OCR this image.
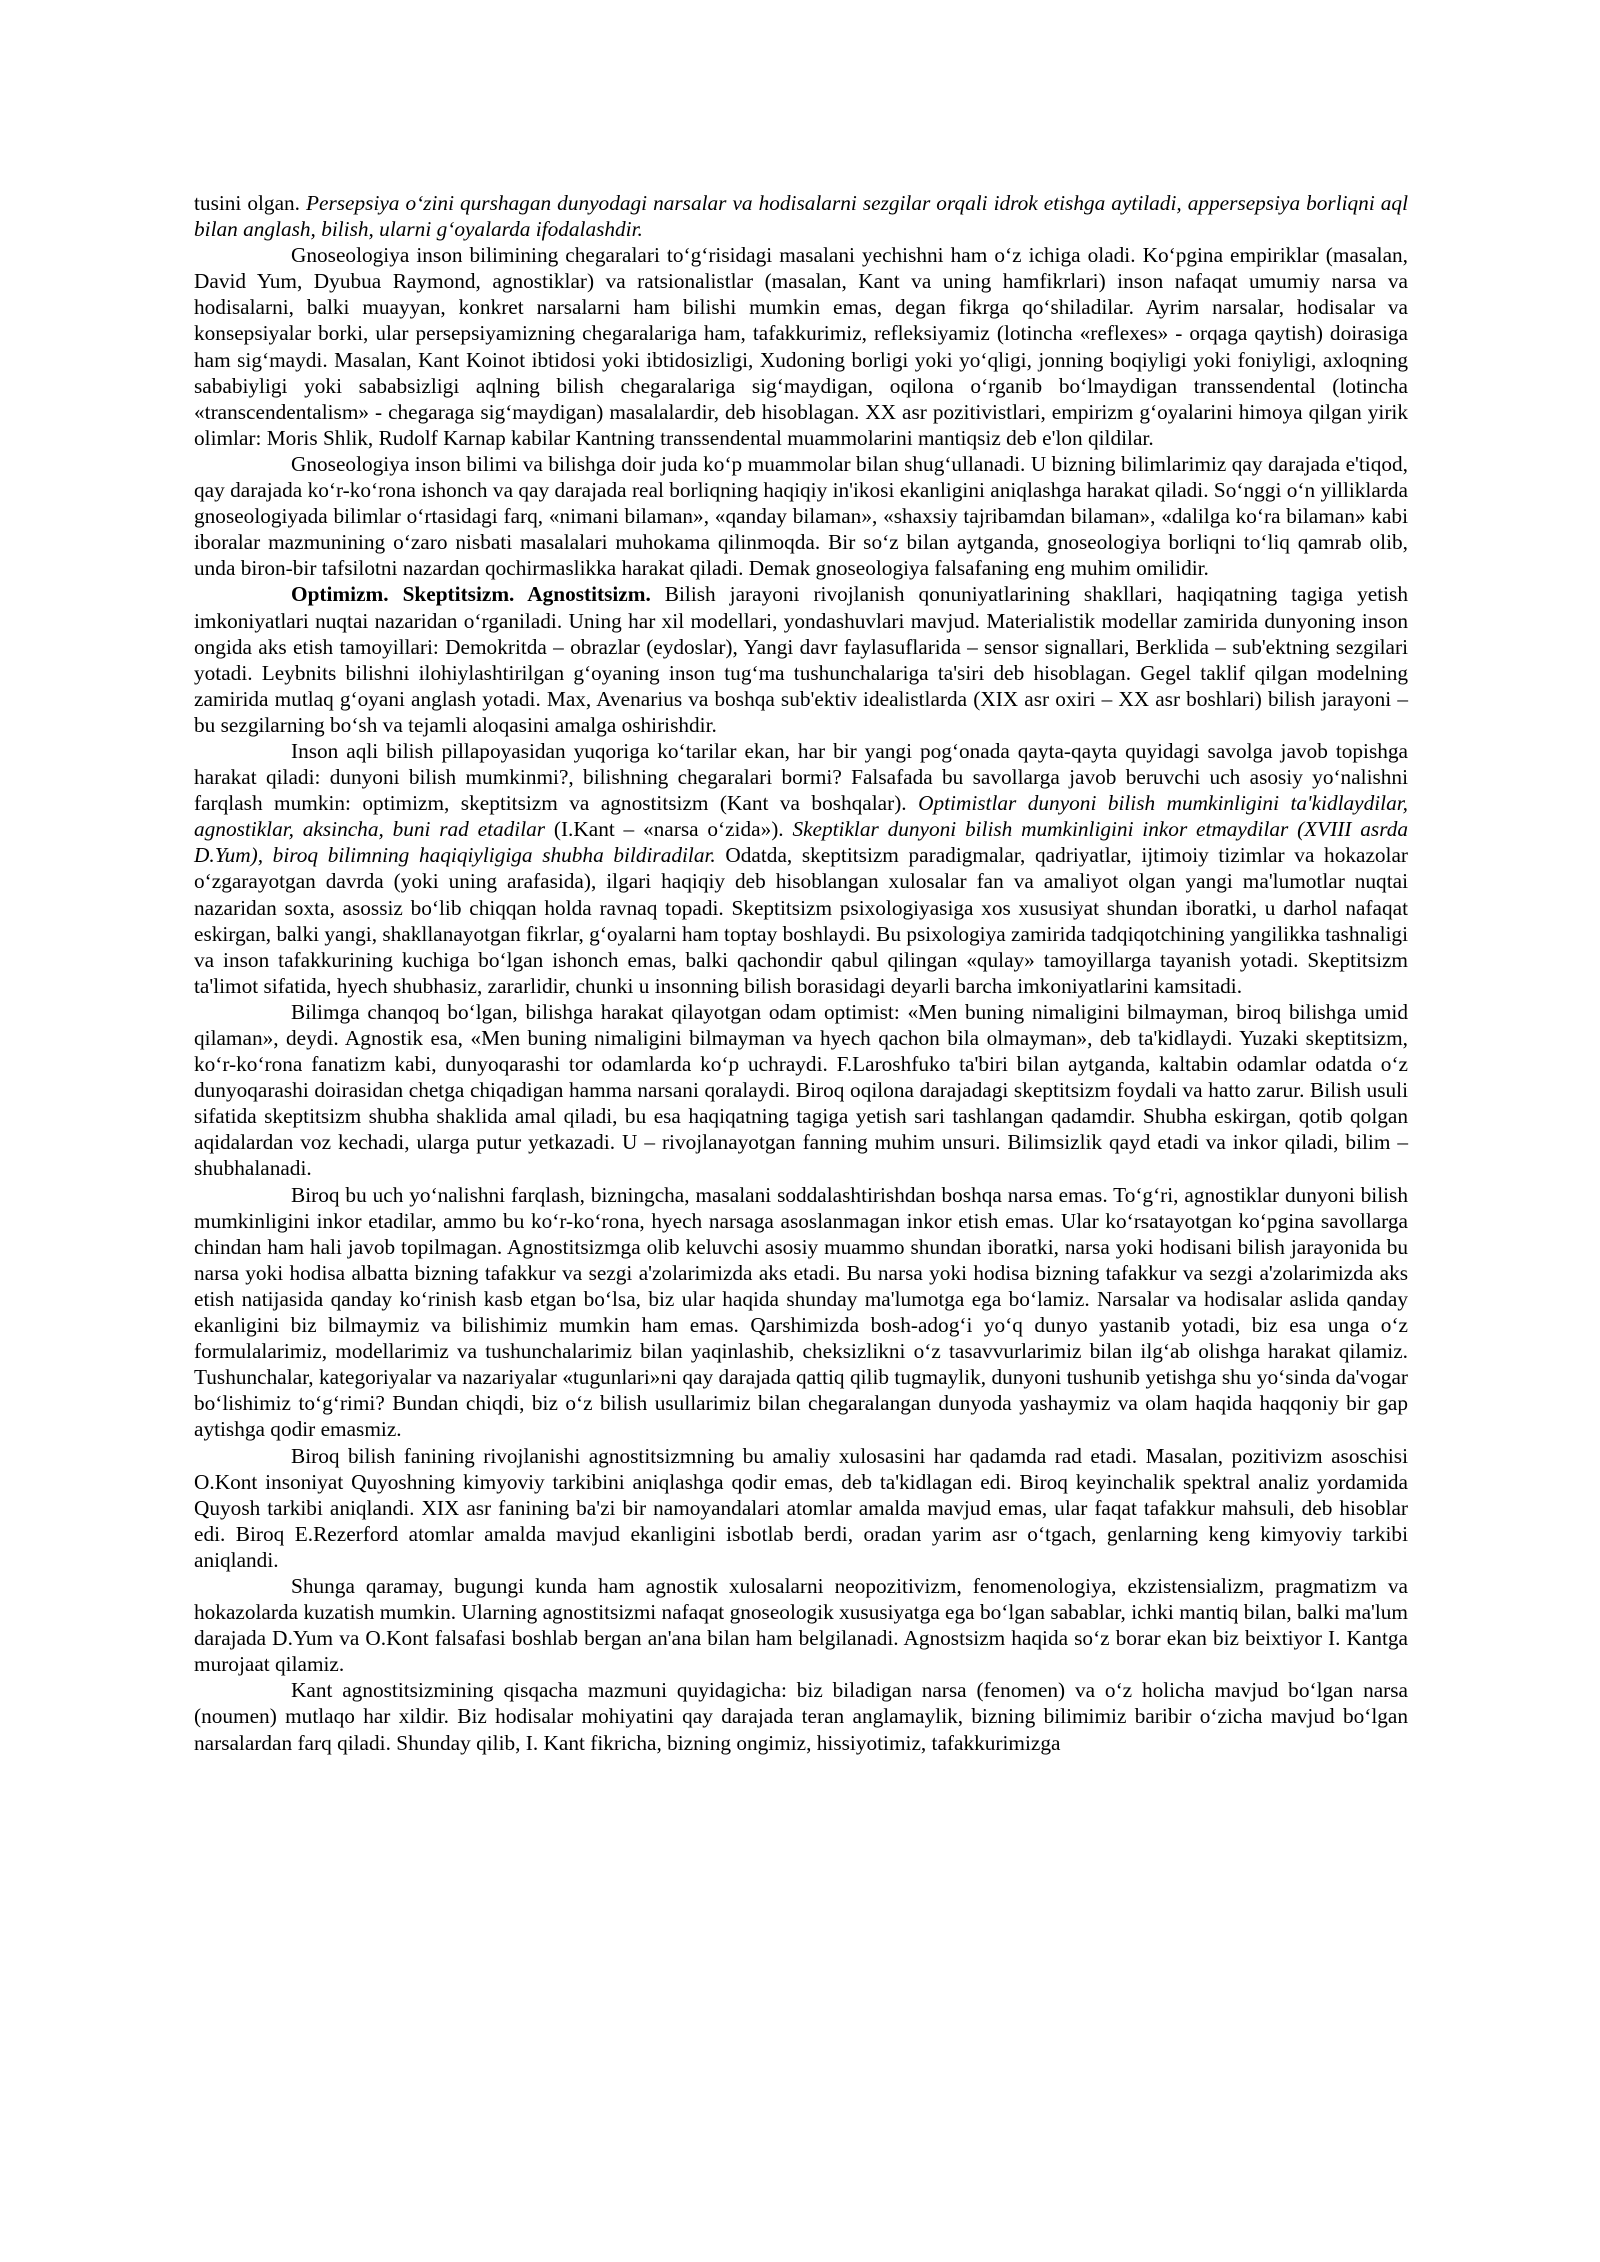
tusini olgan. Persepsiya o‘zini qurshagan dunyodagi narsalar va hodisalarni sezgilar orqali idrok etishga aytiladi, appersepsiya borliqni aql bilan anglash, bilish, ularni g‘oyalarda ifodalashdir.

Gnoseologiya inson bilimining chegaralari to‘g‘risidagi masalani yechishni ham o‘z ichiga oladi. Ko‘pgina empiriklar (masalan, David Yum, Dyubua Raymond, agnostiklar) va ratsionalistlar (masalan, Kant va uning hamfikrlari) inson nafaqat umumiy narsa va hodisalarni, balki muayyan, konkret narsalarni ham bilishi mumkin emas, degan fikrga qo‘shiladilar. Ayrim narsalar, hodisalar va konsepsiyalar borki, ular persepsiyamizning chegaralariga ham, tafakkurimiz, refleksiyamiz (lotincha «reflexes» - orqaga qaytish) doirasiga ham sig‘maydi. Masalan, Kant Koinot ibtidosi yoki ibtidosizligi, Xudoning borligi yoki yo‘qligi, jonning boqiyligi yoki foniyligi, axloqning sababiyligi yoki sababsizligi aqlning bilish chegaralariga sig‘maydigan, oqilona o‘rganib bo‘lmaydigan transsendental (lotincha «transcendentalism» - chegaraga sig‘maydigan) masalalardir, deb hisoblagan. XX asr pozitivistlari, empirizm g‘oyalarini himoya qilgan yirik olimlar: Moris Shlik, Rudolf Karnap kabilar Kantning transsendental muammolarini mantiqsiz deb e'lon qildilar.

Gnoseologiya inson bilimi va bilishga doir juda ko‘p muammolar bilan shug‘ullanadi. U bizning bilimlarimiz qay darajada e'tiqod, qay darajada ko‘r-ko‘rona ishonch va qay darajada real borliqning haqiqiy in'ikosi ekanligini aniqlashga harakat qiladi. So‘nggi o‘n yilliklarda gnoseologiyada bilimlar o‘rtasidagi farq, «nimani bilaman», «qanday bilaman», «shaxsiy tajribamdan bilaman», «dalilga ko‘ra bilaman» kabi iboralar mazmunining o‘zaro nisbati masalalari muhokama qilinmoqda. Bir so‘z bilan aytganda, gnoseologiya borliqni to‘liq qamrab olib, unda biron-bir tafsilotni nazardan qochirmaslikka harakat qiladi. Demak gnoseologiya falsafaning eng muhim omilidir.

Optimizm. Skeptitsizm. Agnostitsizm. Bilish jarayoni rivojlanish qonuniyatlarining shakllari, haqiqatning tagiga yetish imkoniyatlari nuqtai nazaridan o‘rganiladi. Uning har xil modellari, yondashuvlari mavjud. Materialistik modellar zamirida dunyoning inson ongida aks etish tamoyillari: Demokritda – obrazlar (eydoslar), Yangi davr faylasuflarida – sensor signallari, Berklida – sub'ektning sezgilari yotadi. Leybnits bilishni ilohiylashtirilgan g‘oyaning inson tug‘ma tushunchalariga ta'siri deb hisoblagan. Gegel taklif qilgan modelning zamirida mutlaq g‘oyani anglash yotadi. Max, Avenarius va boshqa sub'ektiv idealistlarda (XIX asr oxiri – XX asr boshlari) bilish jarayoni – bu sezgilarning bo‘sh va tejamli aloqasini amalga oshirishdir.

Inson aqli bilish pillapoyasidan yuqoriga ko‘tarilar ekan, har bir yangi pog‘onada qayta-qayta quyidagi savolga javob topishga harakat qiladi: dunyoni bilish mumkinmi?, bilishning chegaralari bormi? Falsafada bu savollarga javob beruvchi uch asosiy yo‘nalishni farqlash mumkin: optimizm, skeptitsizm va agnostitsizm (Kant va boshqalar). Optimistlar dunyoni bilish mumkinligini ta'kidlaydilar, agnostiklar, aksincha, buni rad etadilar (I.Kant – «narsa o‘zida»). Skeptiklar dunyoni bilish mumkinligini inkor etmaydilar (XVIII asrda D.Yum), biroq bilimning haqiqiyligiga shubha bildiradilar. Odatda, skeptitsizm paradigmalar, qadriyatlar, ijtimoiy tizimlar va hokazolar o‘zgarayotgan davrda (yoki uning arafasida), ilgari haqiqiy deb hisoblangan xulosalar fan va amaliyot olgan yangi ma'lumotlar nuqtai nazaridan soxta, asossiz bo‘lib chiqqan holda ravnaq topadi. Skeptitsizm psixologiyasiga xos xususiyat shundan iboratki, u darhol nafaqat eskirgan, balki yangi, shakllanayotgan fikrlar, g‘oyalarni ham toptay boshlaydi. Bu psixologiya zamirida tadqiqotchining yangilikka tashnaligi va inson tafakkurining kuchiga bo‘lgan ishonch emas, balki qachondir qabul qilingan «qulay» tamoyillarga tayanish yotadi. Skeptitsizm ta'limot sifatida, hyech shubhasiz, zararlidir, chunki u insonning bilish borasidagi deyarli barcha imkoniyatlarini kamsitadi.

Bilimga chanqoq bo‘lgan, bilishga harakat qilayotgan odam optimist: «Men buning nimaligini bilmayman, biroq bilishga umid qilaman», deydi. Agnostik esa, «Men buning nimaligini bilmayman va hyech qachon bila olmayman», deb ta'kidlaydi. Yuzaki skeptitsizm, ko‘r-ko‘rona fanatizm kabi, dunyoqarashi tor odamlarda ko‘p uchraydi. F.Laroshfuko ta'biri bilan aytganda, kaltabin odamlar odatda o‘z dunyoqarashi doirasidan chetga chiqadigan hamma narsani qoralaydi. Biroq oqilona darajadagi skeptitsizm foydali va hatto zarur. Bilish usuli sifatida skeptitsizm shubha shaklida amal qiladi, bu esa haqiqatning tagiga yetish sari tashlangan qadamdir. Shubha eskirgan, qotib qolgan aqidalardan voz kechadi, ularga putur yetkazadi. U – rivojlanayotgan fanning muhim unsuri. Bilimsizlik qayd etadi va inkor qiladi, bilim – shubhalanadi.

Biroq bu uch yo‘nalishni farqlash, bizningcha, masalani soddalashtirishdan boshqa narsa emas. To‘g‘ri, agnostiklar dunyoni bilish mumkinligini inkor etadilar, ammo bu ko‘r-ko‘rona, hyech narsaga asoslanmagan inkor etish emas. Ular ko‘rsatayotgan ko‘pgina savollarga chindan ham hali javob topilmagan. Agnostitsizmga olib keluvchi asosiy muammo shundan iboratki, narsa yoki hodisani bilish jarayonida bu narsa yoki hodisa albatta bizning tafakkur va sezgi a'zolarimizda aks etadi. Bu narsa yoki hodisa bizning tafakkur va sezgi a'zolarimizda aks etish natijasida qanday ko‘rinish kasb etgan bo‘lsa, biz ular haqida shunday ma'lumotga ega bo‘lamiz. Narsalar va hodisalar aslida qanday ekanligini biz bilmaymiz va bilishimiz mumkin ham emas. Qarshimizda bosh-adog‘i yo‘q dunyo yastanib yotadi, biz esa unga o‘z formulalarimiz, modellarimiz va tushunchalarimiz bilan yaqinlashib, cheksizlikni o‘z tasavvurlarimiz bilan ilg‘ab olishga harakat qilamiz. Tushunchalar, kategoriyalar va nazariyalar «tugunlari»ni qay darajada qattiq qilib tugmaylik, dunyoni tushunib yetishga shu yo‘sinda da'vogar bo‘lishimiz to‘g‘rimi? Bundan chiqdi, biz o‘z bilish usullarimiz bilan chegaralangan dunyoda yashaymiz va olam haqida haqqoniy bir gap aytishga qodir emasmiz.

Biroq bilish fanining rivojlanishi agnostitsizmning bu amaliy xulosasini har qadamda rad etadi. Masalan, pozitivizm asoschisi O.Kont insoniyat Quyoshning kimyoviy tarkibini aniqlashga qodir emas, deb ta'kidlagan edi. Biroq keyinchalik spektral analiz yordamida Quyosh tarkibi aniqlandi. XIX asr fanining ba'zi bir namoyandalari atomlar amalda mavjud emas, ular faqat tafakkur mahsuli, deb hisoblar edi. Biroq E.Rezerford atomlar amalda mavjud ekanligini isbotlab berdi, oradan yarim asr o‘tgach, genlarning keng kimyoviy tarkibi aniqlandi.

Shunga qaramay, bugungi kunda ham agnostik xulosalarni neopozitivizm, fenomenologiya, ekzistensializm, pragmatizm va hokazolarda kuzatish mumkin. Ularning agnostitsizmi nafaqat gnoseologik xususiyatga ega bo‘lgan sabablar, ichki mantiq bilan, balki ma'lum darajada D.Yum va O.Kont falsafasi boshlab bergan an'ana bilan ham belgilanadi. Agnostsizm haqida so‘z borar ekan biz beixtiyor I. Kantga murojaat qilamiz.

Kant agnostitsizmining qisqacha mazmuni quyidagicha: biz biladigan narsa (fenomen) va o‘z holicha mavjud bo‘lgan narsa (noumen) mutlaqo har xildir. Biz hodisalar mohiyatini qay darajada teran anglamaylik, bizning bilimimiz baribir o‘zicha mavjud bo‘lgan narsalardan farq qiladi. Shunday qilib, I. Kant fikricha, bizning ongimiz, hissiyotimiz, tafakkurimizga
